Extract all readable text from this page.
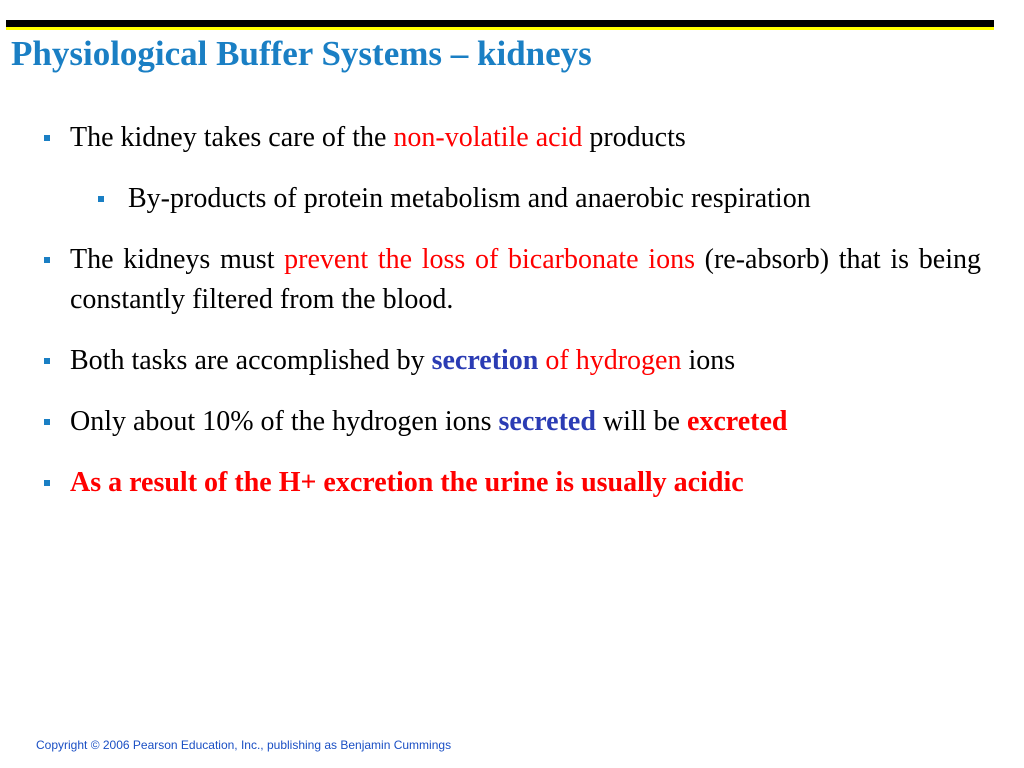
Physiological Buffer Systems – kidneys

The kidney takes care of the non-volatile acid products

By-products of protein metabolism and anaerobic respiration

The kidneys must prevent the loss of bicarbonate ions (re-absorb) that is being constantly filtered from the blood.

Both tasks are accomplished by secretion of hydrogen ions

Only about 10% of the hydrogen ions secreted will be excreted

As a result of the H+ excretion the urine is usually acidic

Copyright © 2006 Pearson Education, Inc., publishing as Benjamin Cummings
